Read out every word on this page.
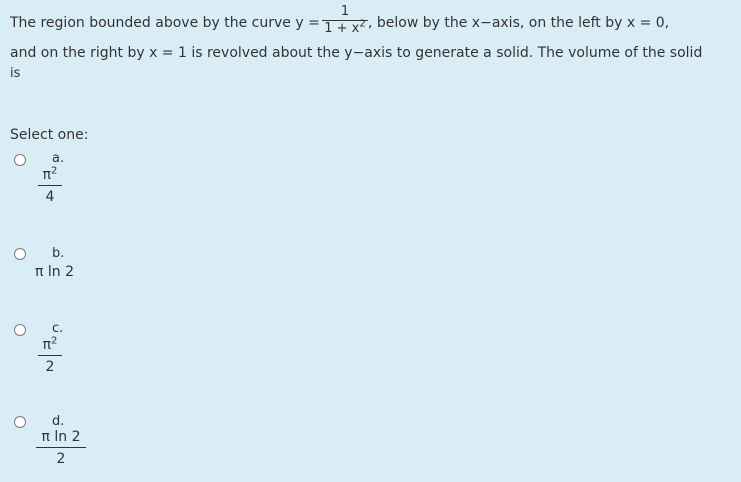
The region bounded above by the curve y =
1
$1 + x^2$ , below by the x−axis, on the left by x = 0,
and on the right by x = 1 is revolved about the y−axis to generate a solid. The volume of the solid
is
Select one:
a.
$\pi^2$
4
b.
π ln 2
c.
$\pi^2$
2
d.
π ln 2
2
